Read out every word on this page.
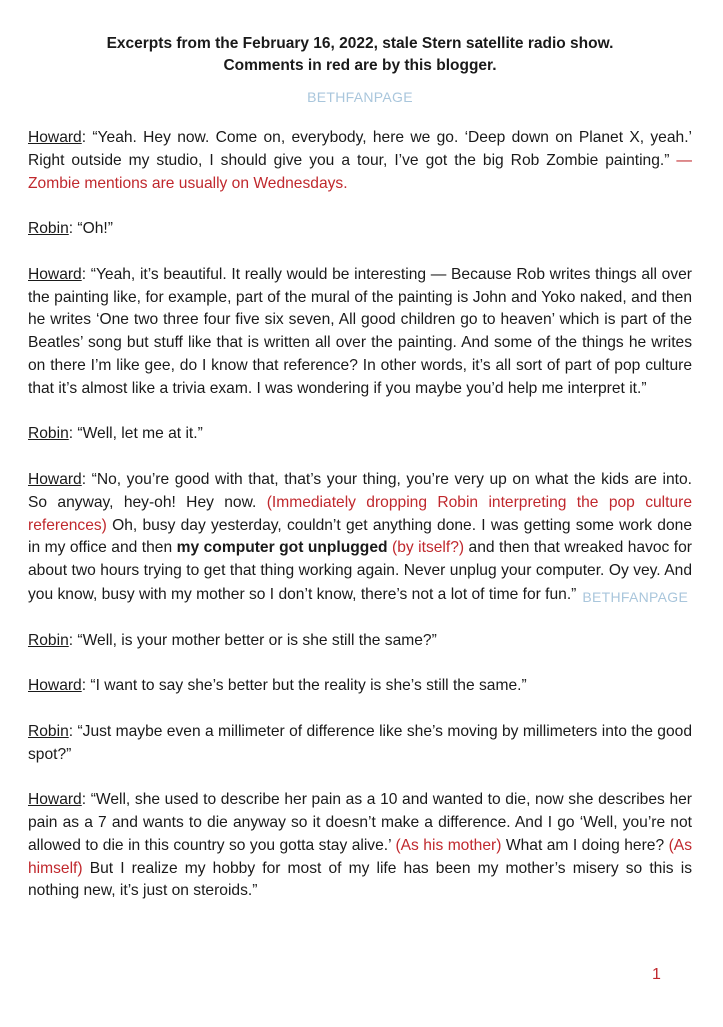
Excerpts from the February 16, 2022, stale Stern satellite radio show.
Comments in red are by this blogger.
BETHFANPAGE

Howard: “Yeah. Hey now. Come on, everybody, here we go. ‘Deep down on Planet X, yeah.’ Right outside my studio, I should give you a tour, I’ve got the big Rob Zombie painting.” — Zombie mentions are usually on Wednesdays.

Robin: “Oh!”

Howard: “Yeah, it’s beautiful. It really would be interesting — Because Rob writes things all over the painting like, for example, part of the mural of the painting is John and Yoko naked, and then he writes ‘One two three four five six seven, All good children go to heaven’ which is part of the Beatles’ song but stuff like that is written all over the painting. And some of the things he writes on there I’m like gee, do I know that reference? In other words, it’s all sort of part of pop culture that it’s almost like a trivia exam. I was wondering if you maybe you’d help me interpret it.”

Robin: “Well, let me at it.”

Howard: “No, you’re good with that, that’s your thing, you’re very up on what the kids are into. So anyway, hey-oh! Hey now. (Immediately dropping Robin interpreting the pop culture references) Oh, busy day yesterday, couldn’t get anything done. I was getting some work done in my office and then my computer got unplugged (by itself?) and then that wreaked havoc for about two hours trying to get that thing working again. Never unplug your computer. Oy vey. And you know, busy with my mother so I don’t know, there’s not a lot of time for fun.” BETHFANPAGE

Robin: “Well, is your mother better or is she still the same?”

Howard: “I want to say she’s better but the reality is she’s still the same.”

Robin: “Just maybe even a millimeter of difference like she’s moving by millimeters into the good spot?”

Howard: “Well, she used to describe her pain as a 10 and wanted to die, now she describes her pain as a 7 and wants to die anyway so it doesn’t make a difference. And I go ‘Well, you’re not allowed to die in this country so you gotta stay alive.’ (As his mother) What am I doing here? (As himself) But I realize my hobby for most of my life has been my mother’s misery so this is nothing new, it’s just on steroids.”

1
